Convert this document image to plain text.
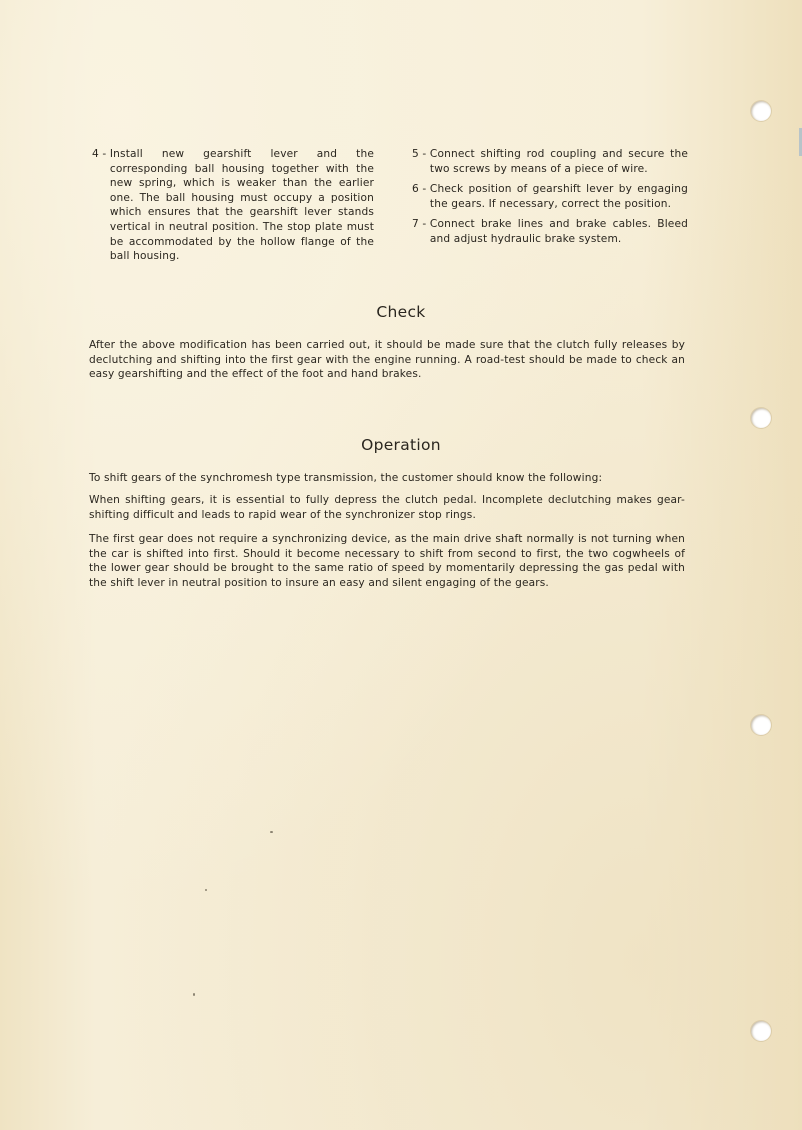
4 - Install new gearshift lever and the corresponding ball housing together with the new spring, which is weaker than the earlier one. The ball housing must occupy a position which ensures that the gearshift lever stands vertical in neutral position. The stop plate must be accommodated by the hollow flange of the ball housing.
5 - Connect shifting rod coupling and secure the two screws by means of a piece of wire.
6 - Check position of gearshift lever by engaging the gears. If necessary, correct the position.
7 - Connect brake lines and brake cables. Bleed and adjust hydraulic brake system.
Check

After the above modification has been carried out, it should be made sure that the clutch fully releases by declutching and shifting into the first gear with the engine running. A road-test should be made to check an easy gearshifting and the effect of the foot and hand brakes.

Operation

To shift gears of the synchromesh type transmission, the customer should know the following:

When shifting gears, it is essential to fully depress the clutch pedal. Incomplete declutching makes gear-shifting difficult and leads to rapid wear of the synchronizer stop rings.

The first gear does not require a synchronizing device, as the main drive shaft normally is not turning when the car is shifted into first. Should it become necessary to shift from second to first, the two cogwheels of the lower gear should be brought to the same ratio of speed by momentarily depressing the gas pedal with the shift lever in neutral position to insure an easy and silent engaging of the gears.
